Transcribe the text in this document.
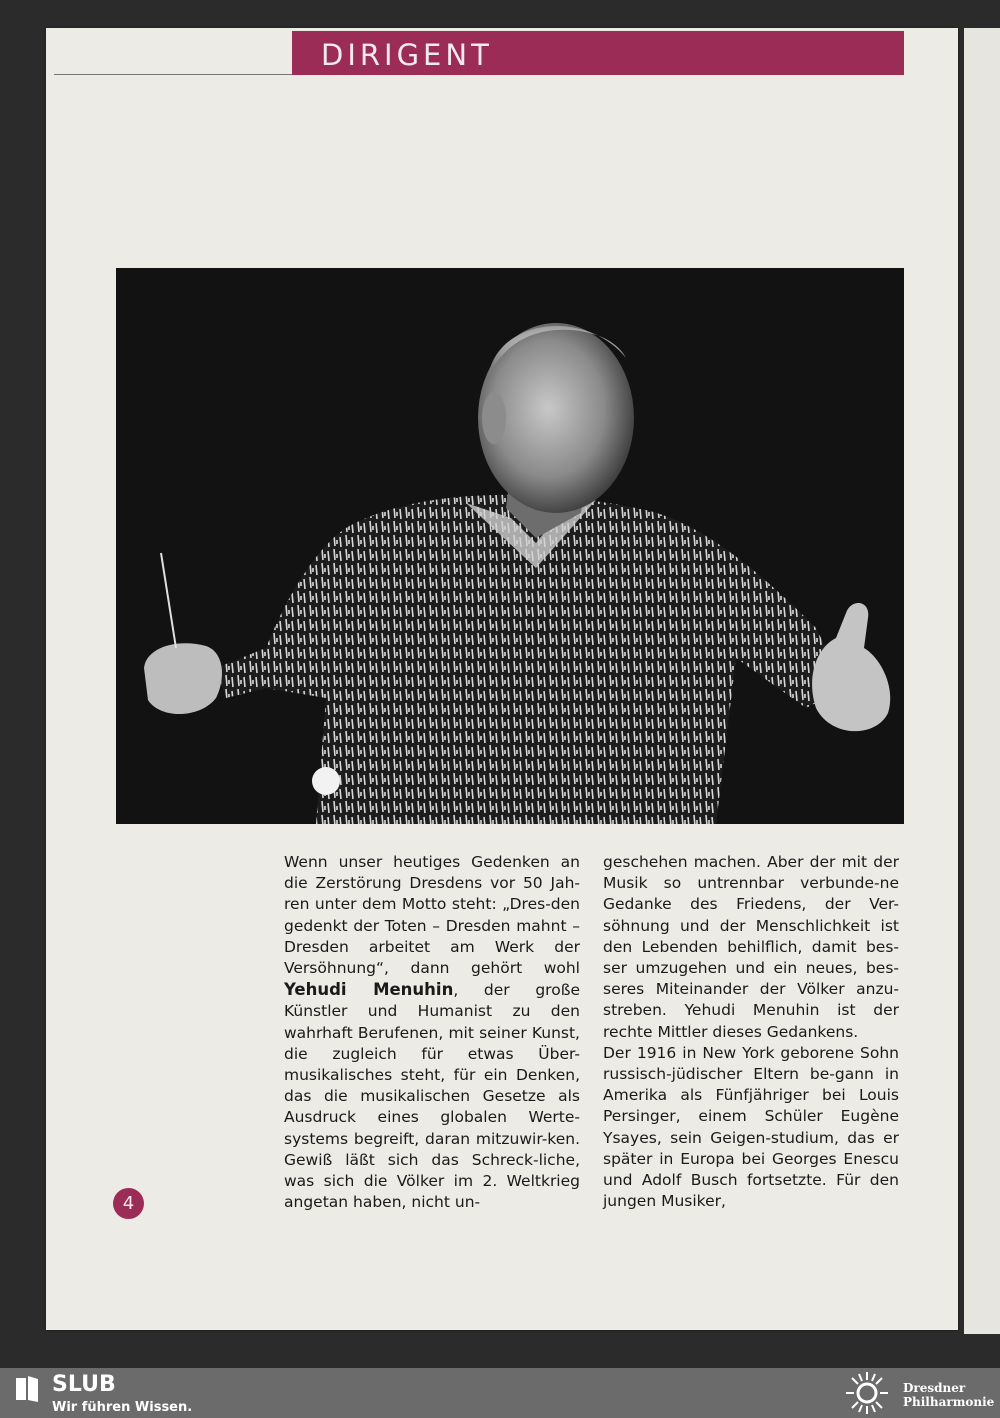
DIRIGENT

Wenn unser heutiges Gedenken an die Zerstörung Dresdens vor 50 Jah-ren unter dem Motto steht: „Dres-den gedenkt der Toten – Dresden mahnt – Dresden arbeitet am Werk der Versöhnung“, dann gehört wohl Yehudi Menuhin, der große Künstler und Humanist zu den wahrhaft Berufenen, mit seiner Kunst, die zugleich für etwas Über-musikalisches steht, für ein Denken, das die musikalischen Gesetze als Ausdruck eines globalen Werte-systems begreift, daran mitzuwir-ken. Gewiß läßt sich das Schreck-liche, was sich die Völker im 2. Weltkrieg angetan haben, nicht un-

geschehen machen. Aber der mit der Musik so untrennbar verbunde-ne Gedanke des Friedens, der Ver-söhnung und der Menschlichkeit ist den Lebenden behilflich, damit bes-ser umzugehen und ein neues, bes-seres Miteinander der Völker anzu-streben. Yehudi Menuhin ist der rechte Mittler dieses Gedankens.

Der 1916 in New York geborene Sohn russisch-jüdischer Eltern be-gann in Amerika als Fünfjähriger bei Louis Persinger, einem Schüler Eugène Ysayes, sein Geigen-studium, das er später in Europa bei Georges Enescu und Adolf Busch fortsetzte. Für den jungen Musiker,

4
SLUB
Wir führen Wissen.
Dresdner
Philharmonie
